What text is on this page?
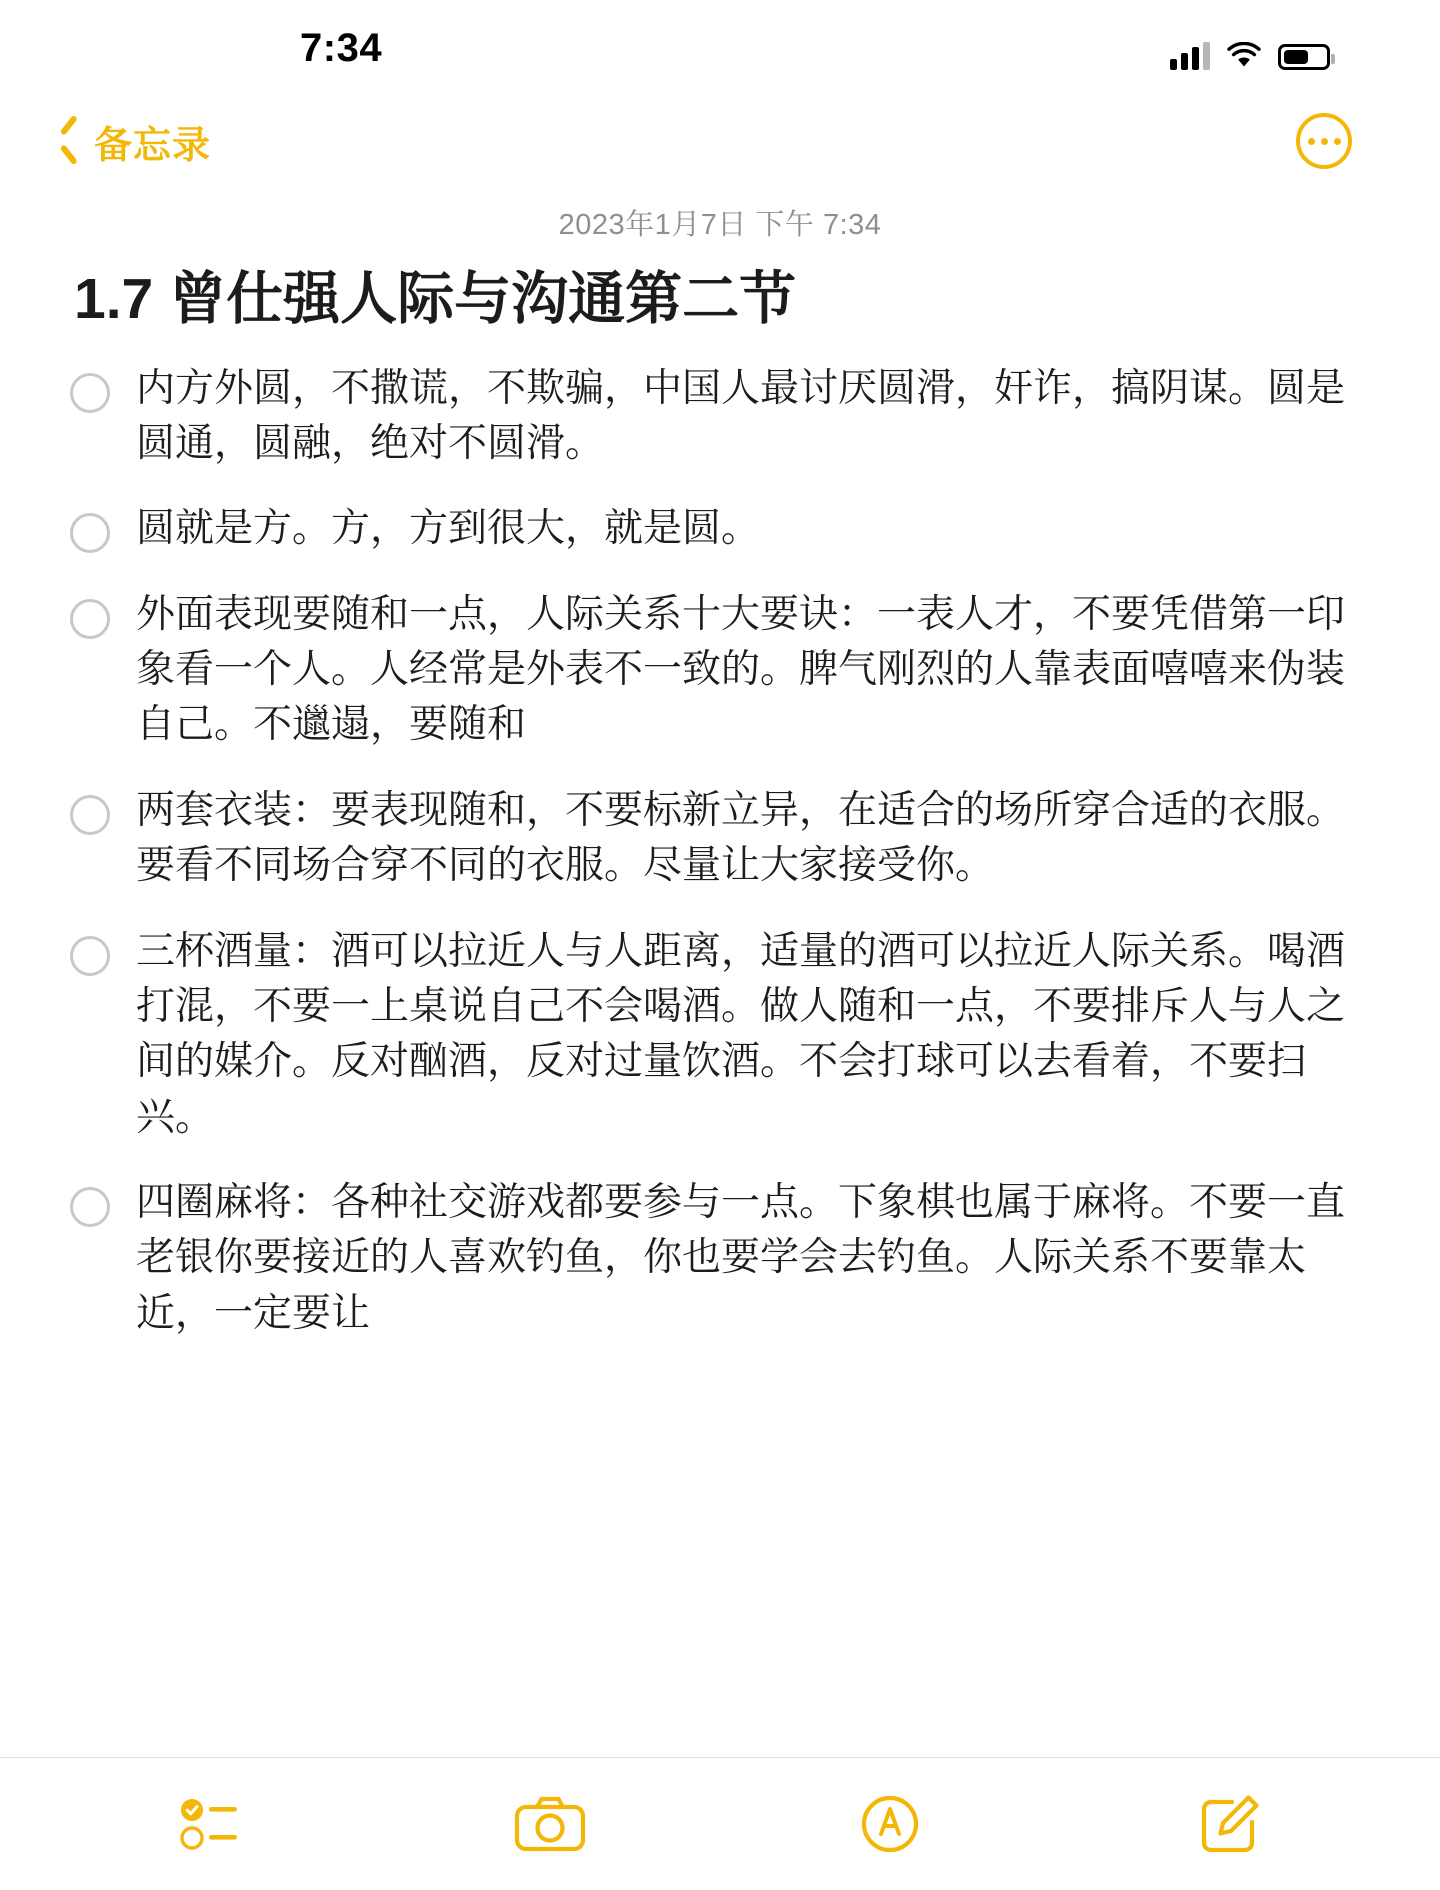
7:34
备忘录
2023年1月7日 下午 7:34
1.7 曾仕强人际与沟通第二节
内方外圆，不撒谎，不欺骗，中国人最讨厌圆滑，奸诈，搞阴谋。圆是圆通，圆融，绝对不圆滑。
圆就是方。方，方到很大，就是圆。
外面表现要随和一点，人际关系十大要诀：一表人才，不要凭借第一印象看一个人。人经常是外表不一致的。脾气刚烈的人靠表面嘻嘻来伪装自己。不邋遢，要随和
两套衣装：要表现随和，不要标新立异，在适合的场所穿合适的衣服。要看不同场合穿不同的衣服。尽量让大家接受你。
三杯酒量：酒可以拉近人与人距离，适量的酒可以拉近人际关系。喝酒打混，不要一上桌说自己不会喝酒。做人随和一点，不要排斥人与人之间的媒介。反对酗酒，反对过量饮酒。不会打球可以去看着，不要扫兴。
四圈麻将：各种社交游戏都要参与一点。下象棋也属于麻将。不要一直老银你要接近的人喜欢钓鱼，你也要学会去钓鱼。人际关系不要靠太近，一定要让
